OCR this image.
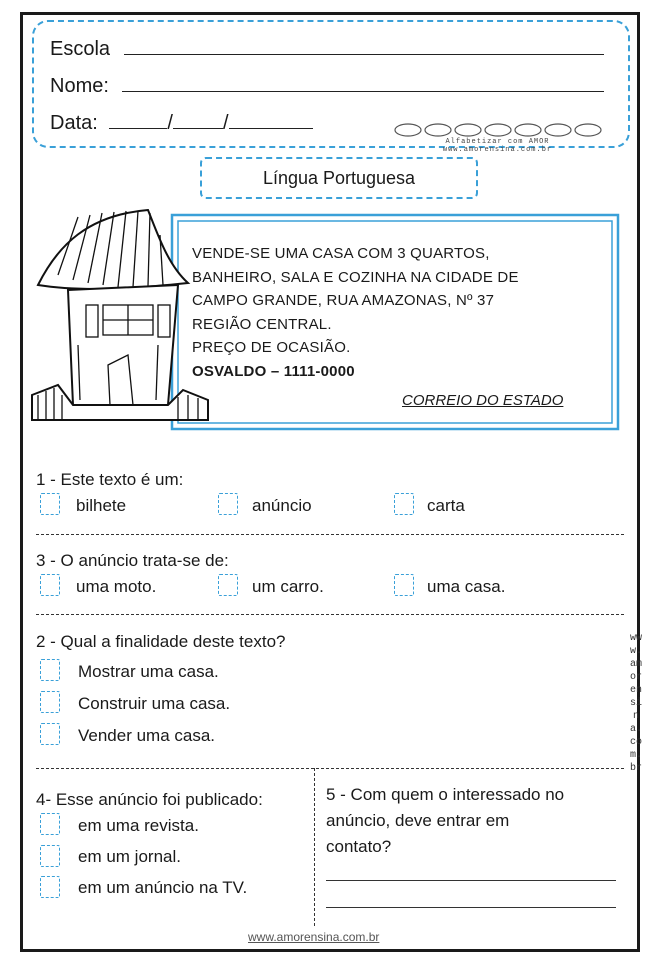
Escola
Nome:
Data:	/	/
Alfabetizar com AMOR
www.amorensina.com.br
Língua Portuguesa
VENDE-SE UMA CASA COM 3 QUARTOS,
BANHEIRO, SALA E COZINHA NA CIDADE DE
CAMPO GRANDE, RUA AMAZONAS, Nº 37
REGIÃO CENTRAL.
PREÇO DE OCASIÃO.
OSVALDO – 1111-0000
CORREIO DO ESTADO
1 - Este texto é um:
bilhete	anúncio	carta
3 - O anúncio trata-se de:
uma moto.	um carro.	uma casa.
2 - Qual a finalidade deste texto?
Mostrar uma casa.
Construir uma casa.
Vender uma casa.
4- Esse anúncio foi publicado:
em uma revista.
em um jornal.
em um anúncio na TV.
5 - Com quem o interessado no
anúncio, deve entrar em
contato?
www.amorensina.com.br
www.amorensina.com.br
